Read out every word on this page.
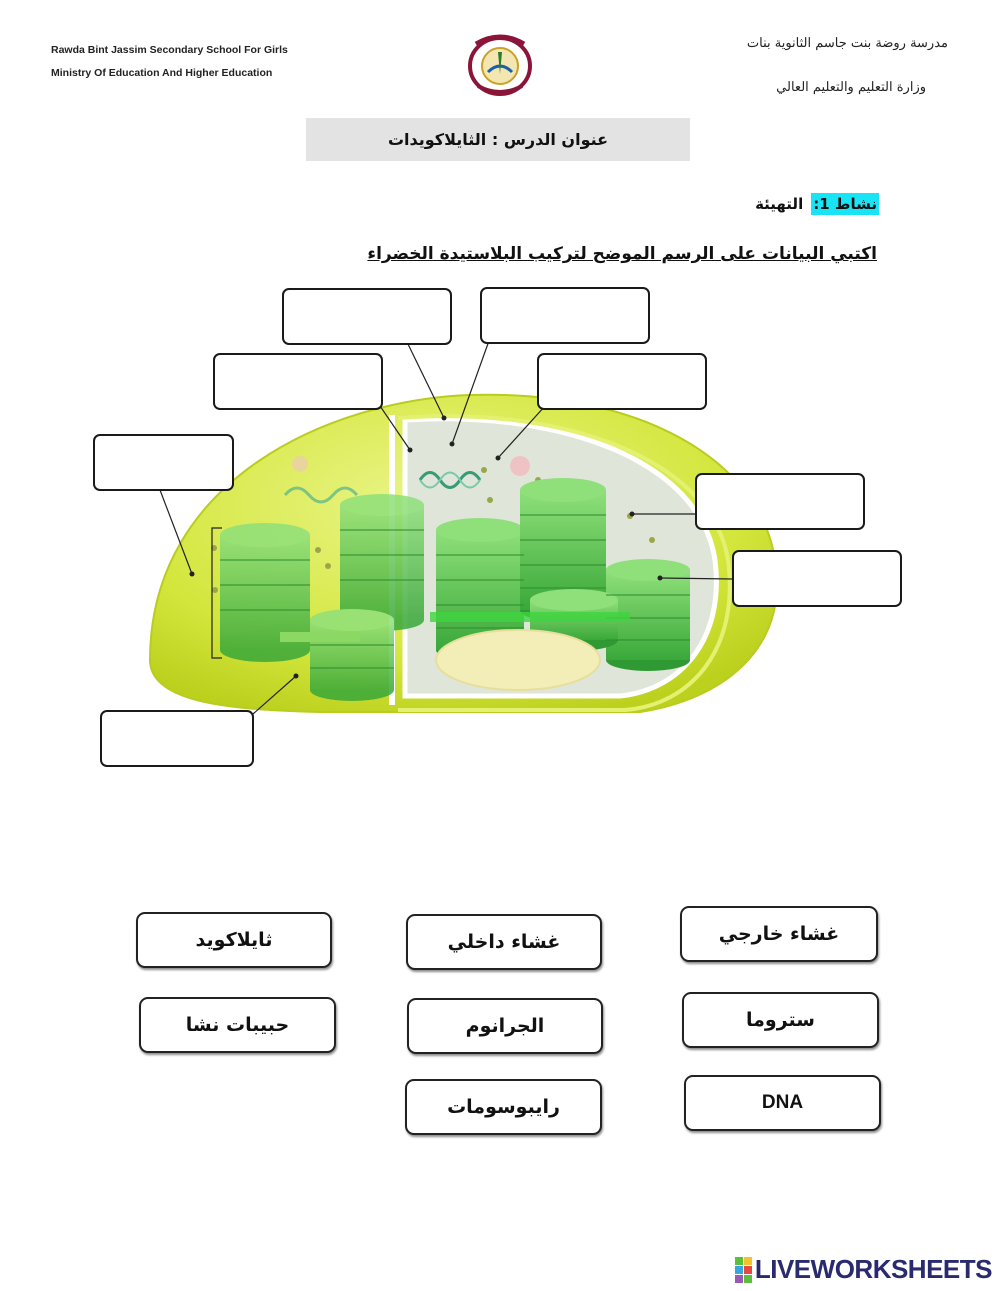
Rawda Bint Jassim Secondary School For Girls
Ministry Of Education And Higher Education
مدرسة روضة بنت جاسم الثانوية بنات
وزارة التعليم والتعليم العالي
عنوان الدرس : الثايلاكويدات
نشاط 1:
التهيئة
اكتبي البيانات على الرسم الموضح لتركيب البلاستيدة الخضراء
ثايلاكويد	غشاء داخلي	غشاء خارجي
حبيبات نشا	الجرانوم	ستروما
رايبوسومات	DNA
LIVEWORKSHEETS
